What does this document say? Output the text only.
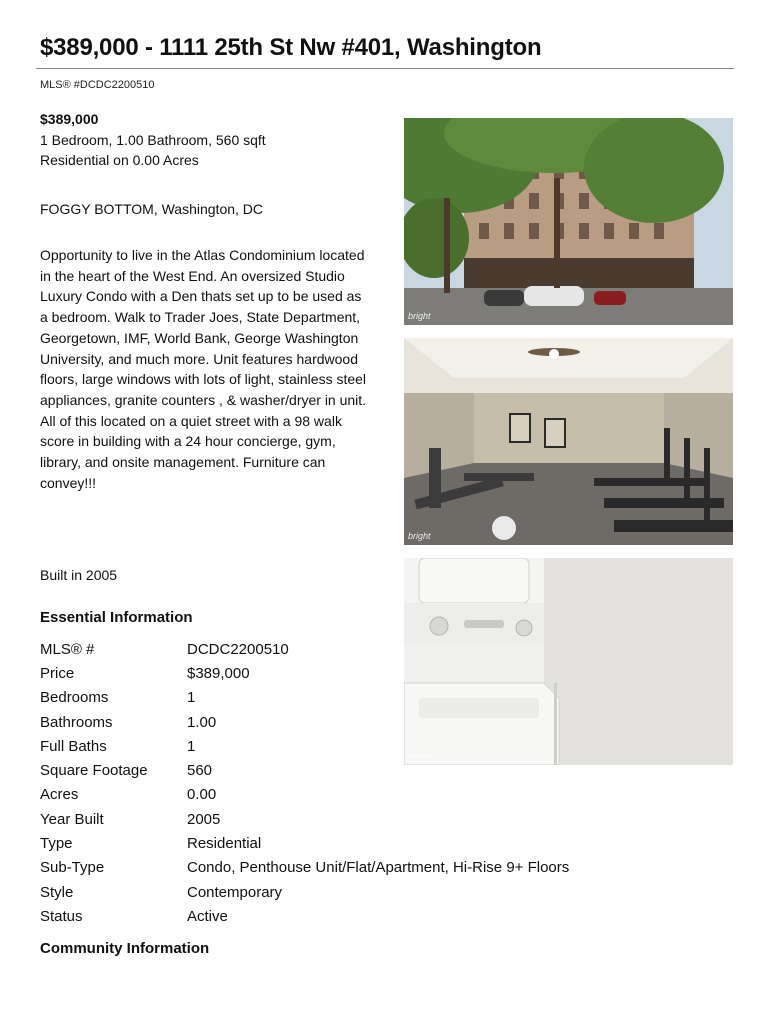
$389,000 - 1111 25th St Nw #401, Washington
MLS® #DCDC2200510
$389,000
1 Bedroom, 1.00 Bathroom, 560 sqft
Residential on 0.00 Acres
FOGGY BOTTOM, Washington, DC
Opportunity to live in the Atlas Condominium located in the heart of the West End. An oversized Studio Luxury Condo with a Den thats set up to be used as a bedroom. Walk to Trader Joes, State Department, Georgetown, IMF, World Bank, George Washington University, and much more. Unit features hardwood floors, large windows with lots of light, stainless steel appliances, granite counters , & washer/dryer in unit. All of this located on a quiet street with a 98 walk score in building with a 24 hour concierge, gym, library, and onsite management. Furniture can convey!!!
Built in 2005
Essential Information
MLS® #	DCDC2200510
Price	$389,000
Bedrooms	1
Bathrooms	1.00
Full Baths	1
Square Footage	560
Acres	0.00
Year Built	2005
Type	Residential
Sub-Type	Condo, Penthouse Unit/Flat/Apartment, Hi-Rise 9+ Floors
Style	Contemporary
Status	Active
Community Information
bright
bright
bright
